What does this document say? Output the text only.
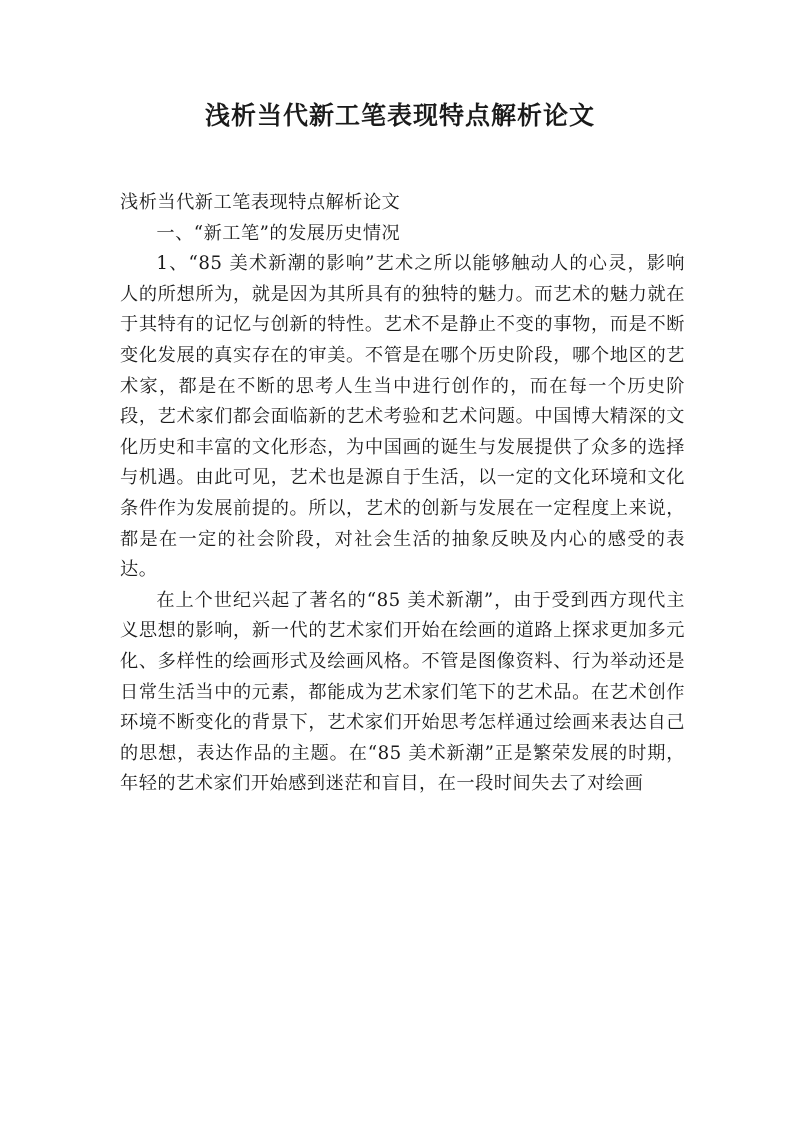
浅析当代新工笔表现特点解析论文

浅析当代新工笔表现特点解析论文

一、“新工笔”的发展历史情况

1、“85 美术新潮的影响”艺术之所以能够触动人的心灵，影响人的所想所为，就是因为其所具有的独特的魅力。而艺术的魅力就在于其特有的记忆与创新的特性。艺术不是静止不变的事物，而是不断变化发展的真实存在的审美。不管是在哪个历史阶段，哪个地区的艺术家，都是在不断的思考人生当中进行创作的，而在每一个历史阶段，艺术家们都会面临新的艺术考验和艺术问题。中国博大精深的文化历史和丰富的文化形态，为中国画的诞生与发展提供了众多的选择与机遇。由此可见，艺术也是源自于生活，以一定的文化环境和文化条件作为发展前提的。所以，艺术的创新与发展在一定程度上来说，都是在一定的社会阶段，对社会生活的抽象反映及内心的感受的表达。

在上个世纪兴起了著名的“85 美术新潮”，由于受到西方现代主义思想的影响，新一代的艺术家们开始在绘画的道路上探求更加多元化、多样性的绘画形式及绘画风格。不管是图像资料、行为举动还是日常生活当中的元素，都能成为艺术家们笔下的艺术品。在艺术创作环境不断变化的背景下，艺术家们开始思考怎样通过绘画来表达自己的思想，表达作品的主题。在“85 美术新潮”正是繁荣发展的时期，年轻的艺术家们开始感到迷茫和盲目，在一段时间失去了对绘画
